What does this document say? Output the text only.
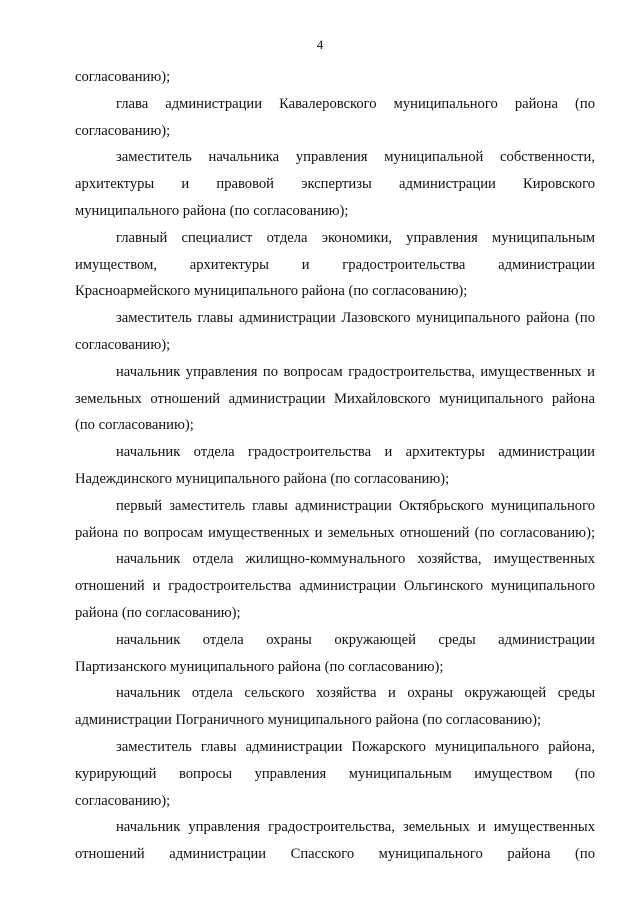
4
согласованию);
глава администрации Кавалеровского муниципального района (по
согласованию);
заместитель начальника управления муниципальной собственности,
архитектуры и правовой экспертизы администрации Кировского
муниципального района (по согласованию);
главный специалист отдела экономики, управления муниципальным
имуществом, архитектуры и градостроительства администрации
Красноармейского муниципального района (по согласованию);
заместитель главы администрации Лазовского муниципального района (по
согласованию);
начальник управления по вопросам градостроительства, имущественных и
земельных отношений администрации Михайловского муниципального района
(по согласованию);
начальник отдела градостроительства и архитектуры администрации
Надеждинского муниципального района (по согласованию);
первый заместитель главы администрации Октябрьского муниципального
района по вопросам имущественных и земельных отношений (по согласованию);
начальник отдела жилищно-коммунального хозяйства, имущественных
отношений и градостроительства администрации Ольгинского муниципального
района (по согласованию);
начальник отдела охраны окружающей среды администрации
Партизанского муниципального района (по согласованию);
начальник отдела сельского хозяйства и охраны окружающей среды
администрации Пограничного муниципального района (по согласованию);
заместитель главы администрации Пожарского муниципального района,
курирующий вопросы управления муниципальным имуществом (по
согласованию);
начальник управления градостроительства, земельных и имущественных
отношений администрации Спасского муниципального района (по
